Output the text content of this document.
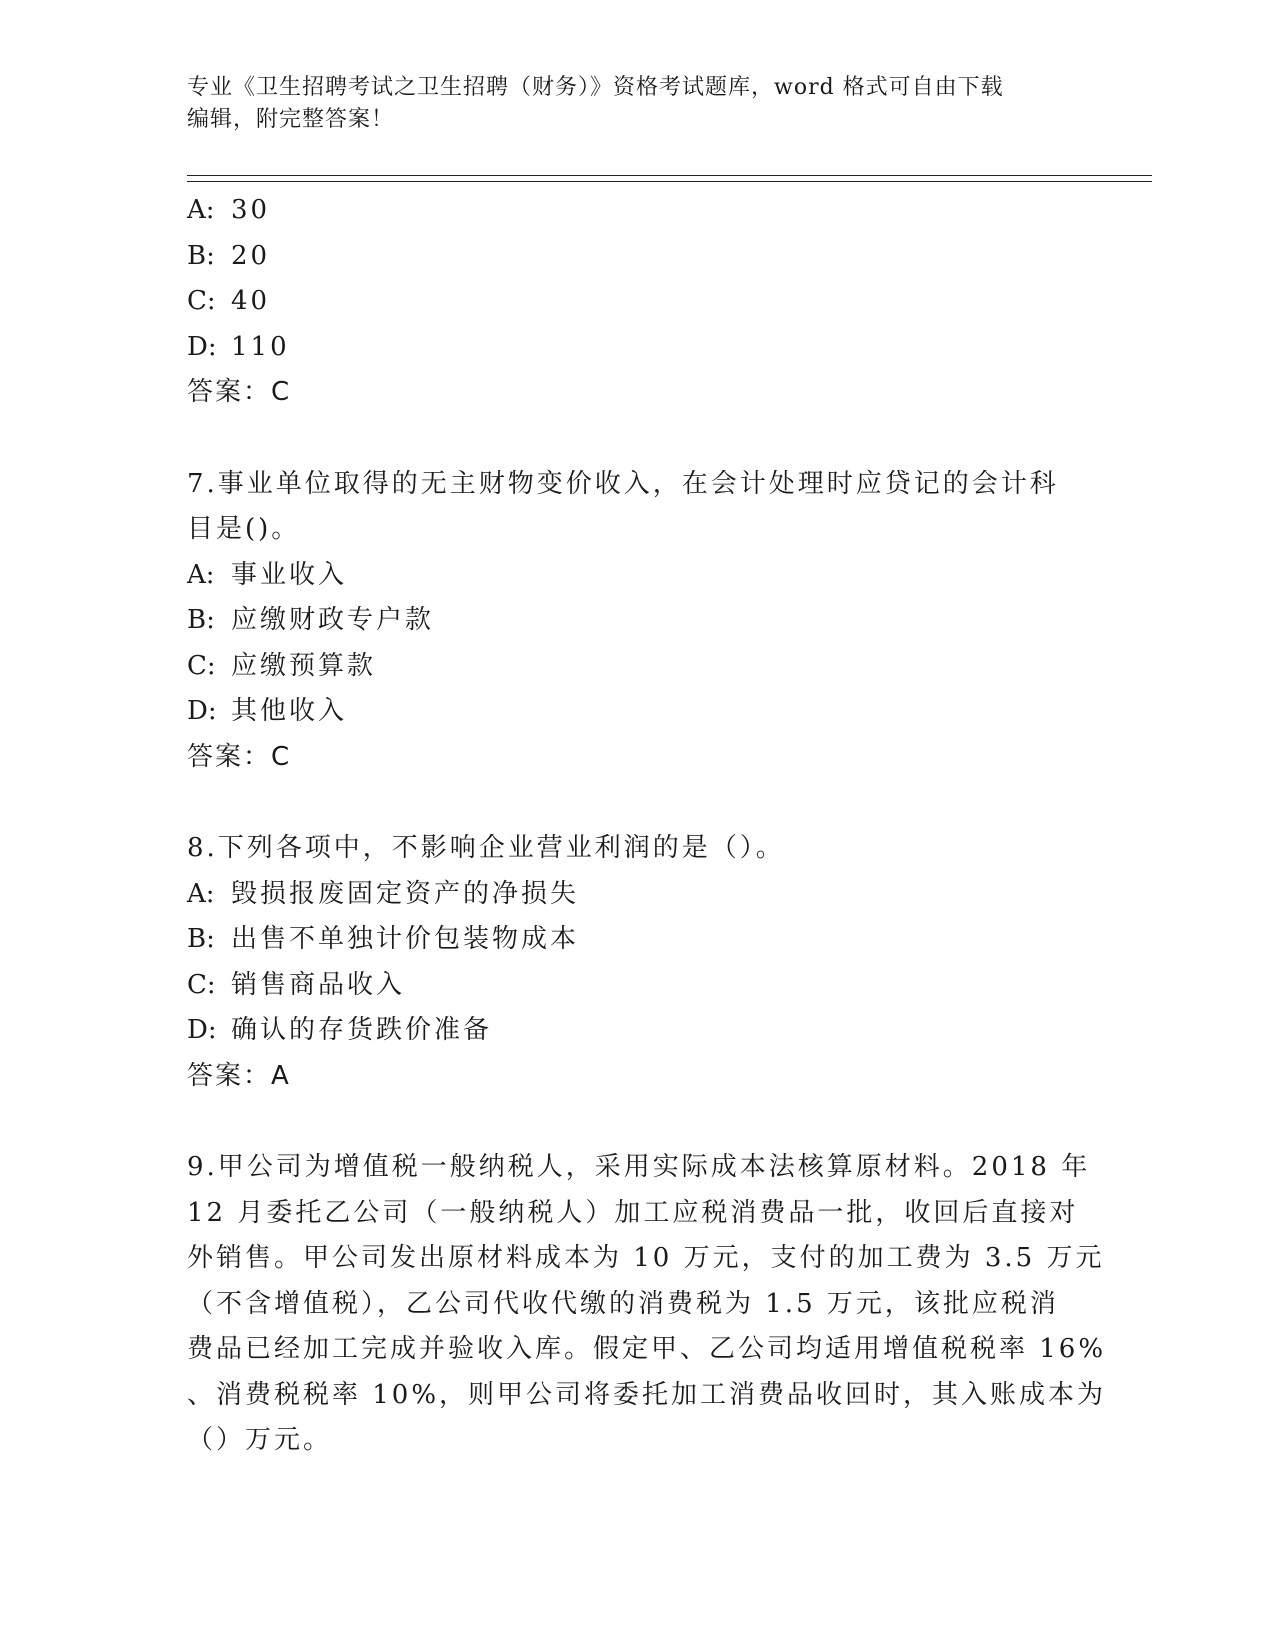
专业《卫生招聘考试之卫生招聘（财务）》资格考试题库，word 格式可自由下载
编辑，附完整答案！
A: 30
B: 20
C: 40
D: 110
答案：C
7.事业单位取得的无主财物变价收入，在会计处理时应贷记的会计科
目是()。
A: 事业收入
B: 应缴财政专户款
C: 应缴预算款
D: 其他收入
答案：C
8.下列各项中，不影响企业营业利润的是（）。
A: 毁损报废固定资产的净损失
B: 出售不单独计价包装物成本
C: 销售商品收入
D: 确认的存货跌价准备
答案：A
9.甲公司为增值税一般纳税人，采用实际成本法核算原材料。2018 年
12 月委托乙公司（一般纳税人）加工应税消费品一批，收回后直接对
外销售。甲公司发出原材料成本为 10 万元，支付的加工费为 3.5 万元
（不含增值税），乙公司代收代缴的消费税为 1.5 万元，该批应税消
费品已经加工完成并验收入库。假定甲、乙公司均适用增值税税率 16%
、消费税税率 10%，则甲公司将委托加工消费品收回时，其入账成本为
（）万元。
